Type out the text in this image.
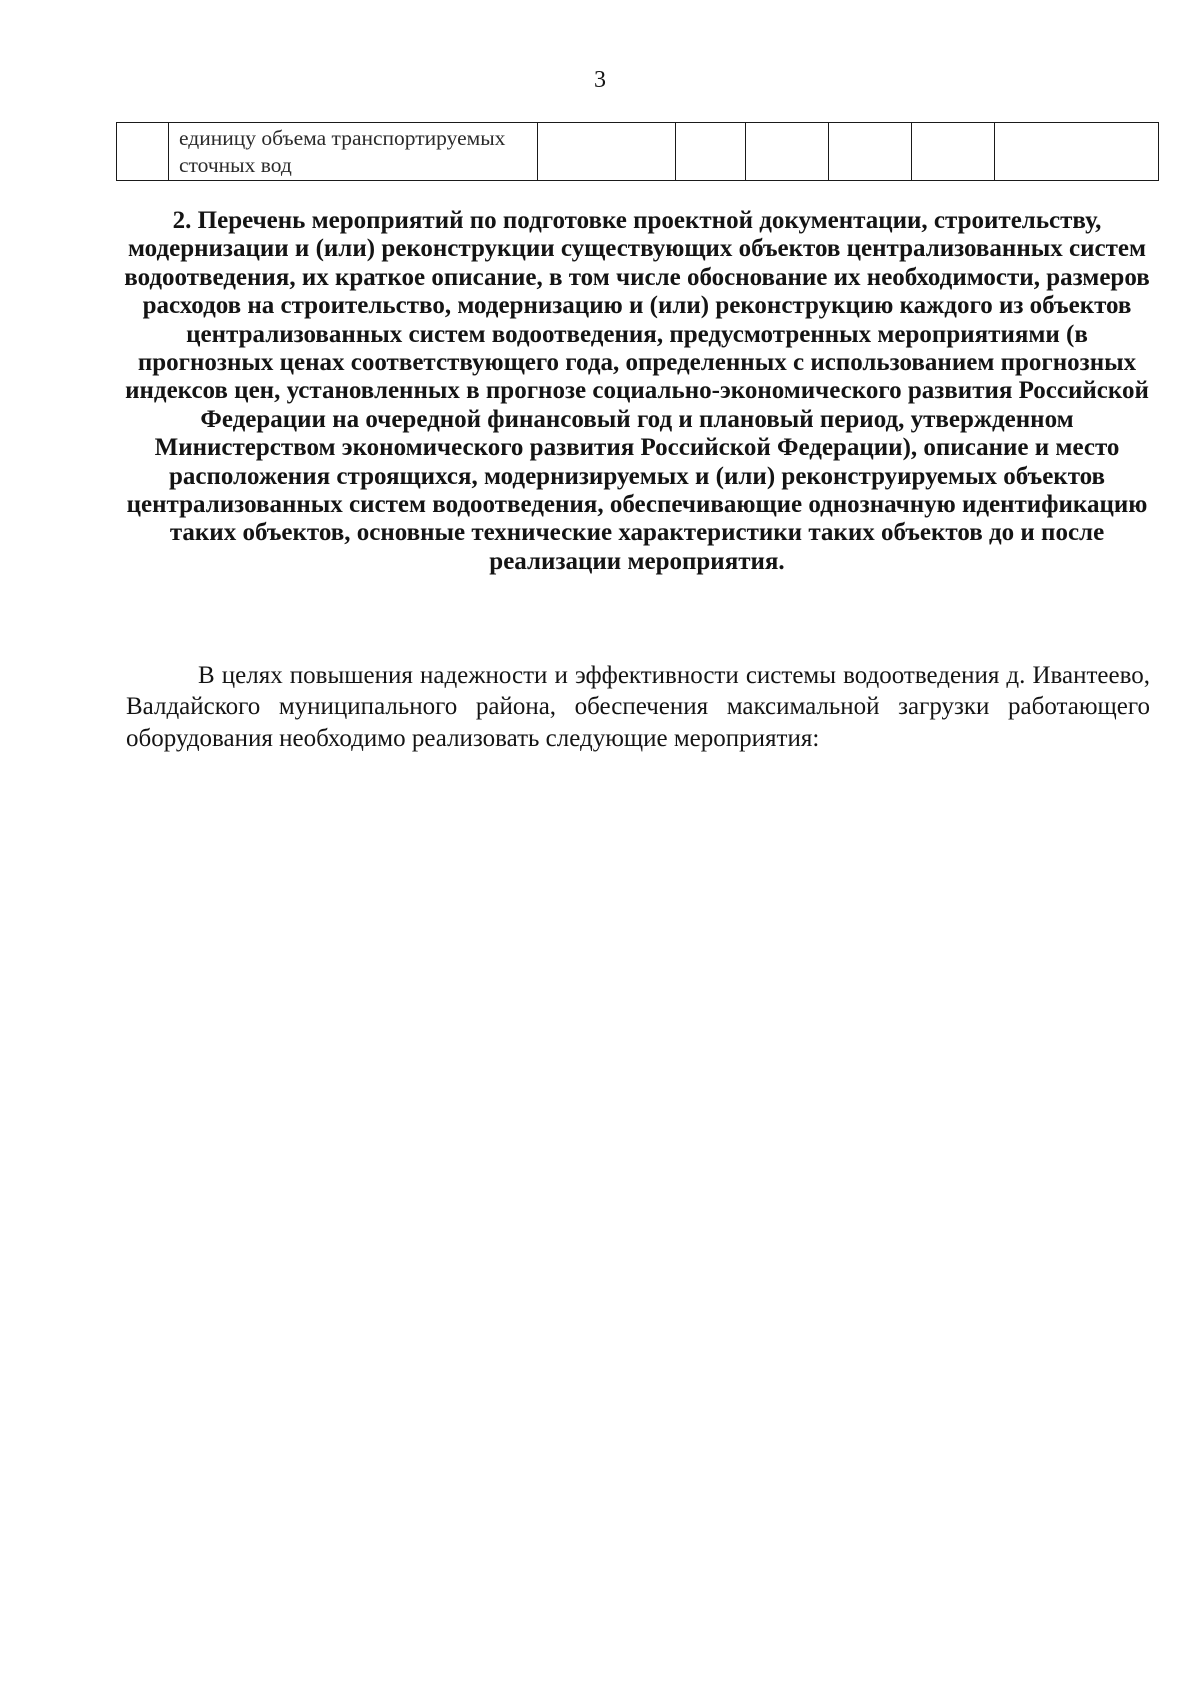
3
	единицу объема транспортируемых сточных вод						
2. Перечень мероприятий по подготовке проектной документации, строительству, модернизации и (или) реконструкции существующих объектов централизованных систем водоотведения, их краткое описание, в том числе обоснование их необходимости, размеров расходов на строительство, модернизацию и (или) реконструкцию каждого из объектов централизованных систем водоотведения, предусмотренных мероприятиями (в прогнозных ценах соответствующего года, определенных с использованием прогнозных индексов цен, установленных в прогнозе социально-экономического развития Российской Федерации на очередной финансовый год и плановый период, утвержденном Министерством экономического развития Российской Федерации), описание и место расположения строящихся, модернизируемых и (или) реконструируемых объектов централизованных систем водоотведения, обеспечивающие однозначную идентификацию таких объектов, основные технические характеристики таких объектов до и после реализации мероприятия.

В целях повышения надежности и эффективности системы водоотведения д. Ивантеево, Валдайского муниципального района, обеспечения максимальной загрузки работающего оборудования необходимо реализовать следующие мероприятия:
